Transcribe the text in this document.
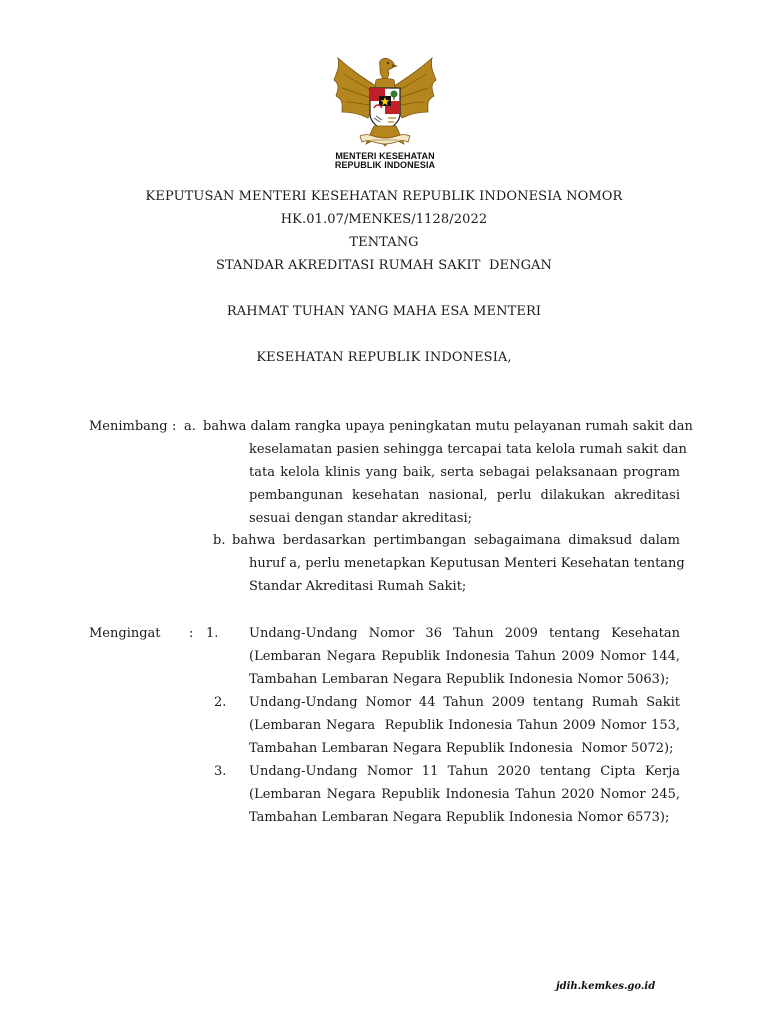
MENTERI KESEHATAN
REPUBLIK INDONESIA
KEPUTUSAN MENTERI KESEHATAN REPUBLIK INDONESIA NOMOR
HK.01.07/MENKES/1128/2022
TENTANG
STANDAR AKREDITASI RUMAH SAKIT  DENGAN
RAHMAT TUHAN YANG MAHA ESA MENTERI
KESEHATAN REPUBLIK INDONESIA,
Menimbang : a. bahwa dalam rangka upaya peningkatan mutu pelayanan rumah sakit dan
keselamatan pasien sehingga tercapai tata kelola rumah sakit dan
tata kelola klinis yang baik, serta sebagai pelaksanaan program
pembangunan kesehatan nasional, perlu dilakukan akreditasi
sesuai dengan standar akreditasi;
b. bahwa berdasarkan pertimbangan sebagaimana dimaksud dalam
huruf a, perlu menetapkan Keputusan Menteri Kesehatan tentang
Standar Akreditasi Rumah Sakit;
Mengingat : 1. Undang-Undang Nomor 36 Tahun 2009 tentang Kesehatan
(Lembaran Negara Republik Indonesia Tahun 2009 Nomor 144,
Tambahan Lembaran Negara Republik Indonesia Nomor 5063);
2. Undang-Undang Nomor 44 Tahun 2009 tentang Rumah Sakit
(Lembaran Negara  Republik Indonesia Tahun 2009 Nomor 153,
Tambahan Lembaran Negara Republik Indonesia  Nomor 5072);
3. Undang-Undang Nomor 11 Tahun 2020 tentang Cipta Kerja
(Lembaran Negara Republik Indonesia Tahun 2020 Nomor 245,
Tambahan Lembaran Negara Republik Indonesia Nomor 6573);
jdih.kemkes.go.id
